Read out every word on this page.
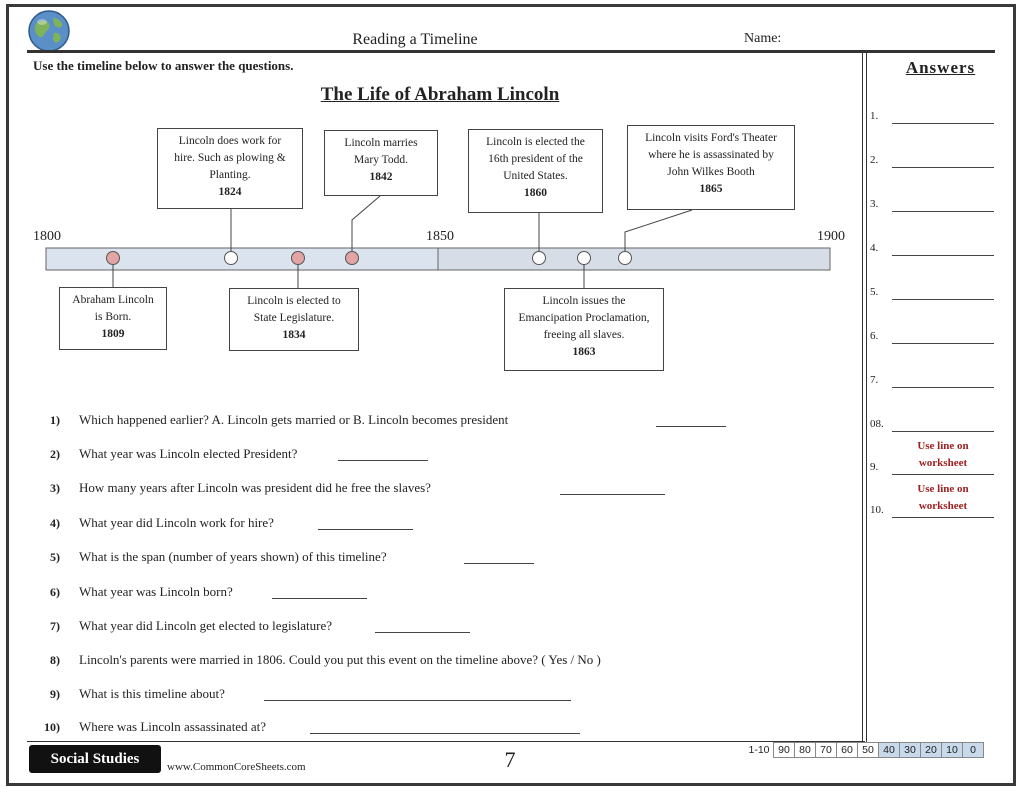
Reading a Timeline	Name:
Use the timeline below to answer the questions.
The Life of Abraham Lincoln
1800	1850	1900
Abraham Lincoln
is Born.
1809
Lincoln does work for
hire. Such as plowing &
Planting.
1824
Lincoln is elected to
State Legislature.
1834
Lincoln marries
Mary Todd.
1842
Lincoln is elected the
16th president of the
United States.
1860
Lincoln issues the
Emancipation Proclamation,
freeing all slaves.
1863
Lincoln visits Ford's Theater
where he is assassinated by
John Wilkes Booth
1865
1) Which happened earlier? A. Lincoln gets married or B. Lincoln becomes president
2) What year was Lincoln elected President?
3) How many years after Lincoln was president did he free the slaves?
4) What year did Lincoln work for hire?
5) What is the span (number of years shown) of this timeline?
6) What year was Lincoln born?
7) What year did Lincoln get elected to legislature?
8) Lincoln's parents were married in 1806. Could you put this event on the timeline above? ( Yes / No )
9) What is this timeline about?
10) Where was Lincoln assassinated at?
Answers
1.
2.
3.
4.
5.
6.
7.
08.
9.
Use line on worksheet
10.
Use line on worksheet
Social Studies	www.CommonCoreSheets.com	7	1-10 90 80 70 60 50 40 30 20 10	0
